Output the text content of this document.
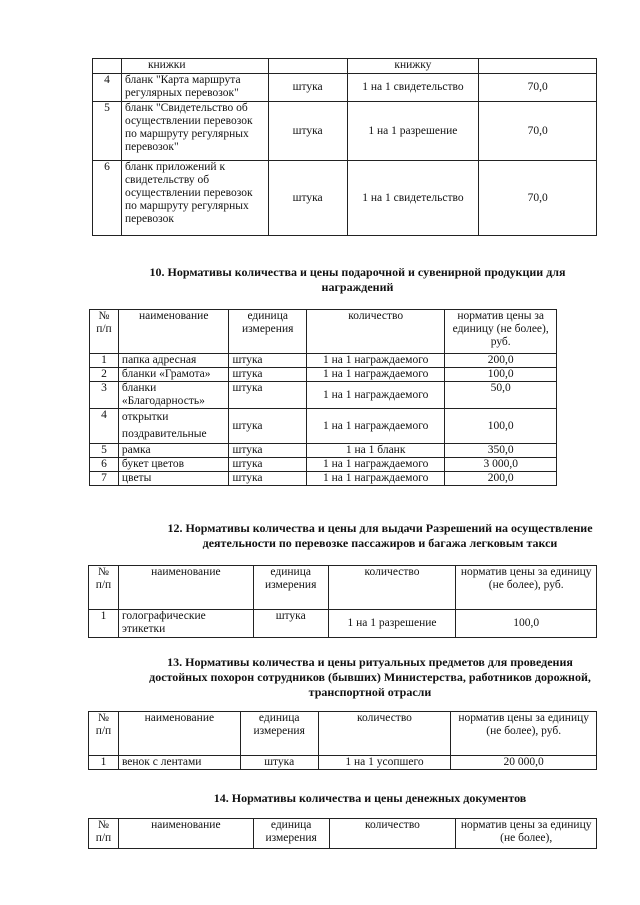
	книжки		книжку	
4	бланк "Карта маршрута регулярных перевозок"	штука	1 на 1 свидетельство	70,0
5	бланк "Свидетельство об осуществлении перевозок по маршруту регулярных перевозок"	штука	1 на 1 разрешение	70,0
6	бланк приложений к свидетельству об осуществлении перевозок по маршруту регулярных перевозок	штука	1 на 1 свидетельство	70,0
10. Нормативы количества и цены подарочной и сувенирной продукции для награждений
№ п/п	наименование	единица измерения	количество	норматив цены за единицу (не более), руб.
1	папка адресная	штука	1 на 1 награждаемого	200,0
2	бланки «Грамота»	штука	1 на 1 награждаемого	100,0
3	бланки «Благодарность»	штука	1 на 1 награждаемого	50,0
4	открытки поздравительные	штука	1 на 1 награждаемого	100,0
5	рамка	штука	1 на 1 бланк	350,0
6	букет цветов	штука	1 на 1 награждаемого	3 000,0
7	цветы	штука	1 на 1 награждаемого	200,0
12. Нормативы количества и цены для выдачи Разрешений на осуществление деятельности по перевозке пассажиров и багажа легковым такси
№ п/п	наименование	единица измерения	количество	норматив цены за единицу (не более), руб.
1	голографические этикетки	штука	1 на 1 разрешение	100,0
13. Нормативы количества и цены ритуальных предметов для проведения достойных похорон сотрудников (бывших) Министерства, работников дорожной, транспортной отрасли
№ п/п	наименование	единица измерения	количество	норматив цены за единицу (не более), руб.
1	венок с лентами	штука	1 на 1 усопшего	20 000,0
14. Нормативы количества и цены денежных документов
№ п/п	наименование	единица измерения	количество	норматив цены за единицу (не более),
